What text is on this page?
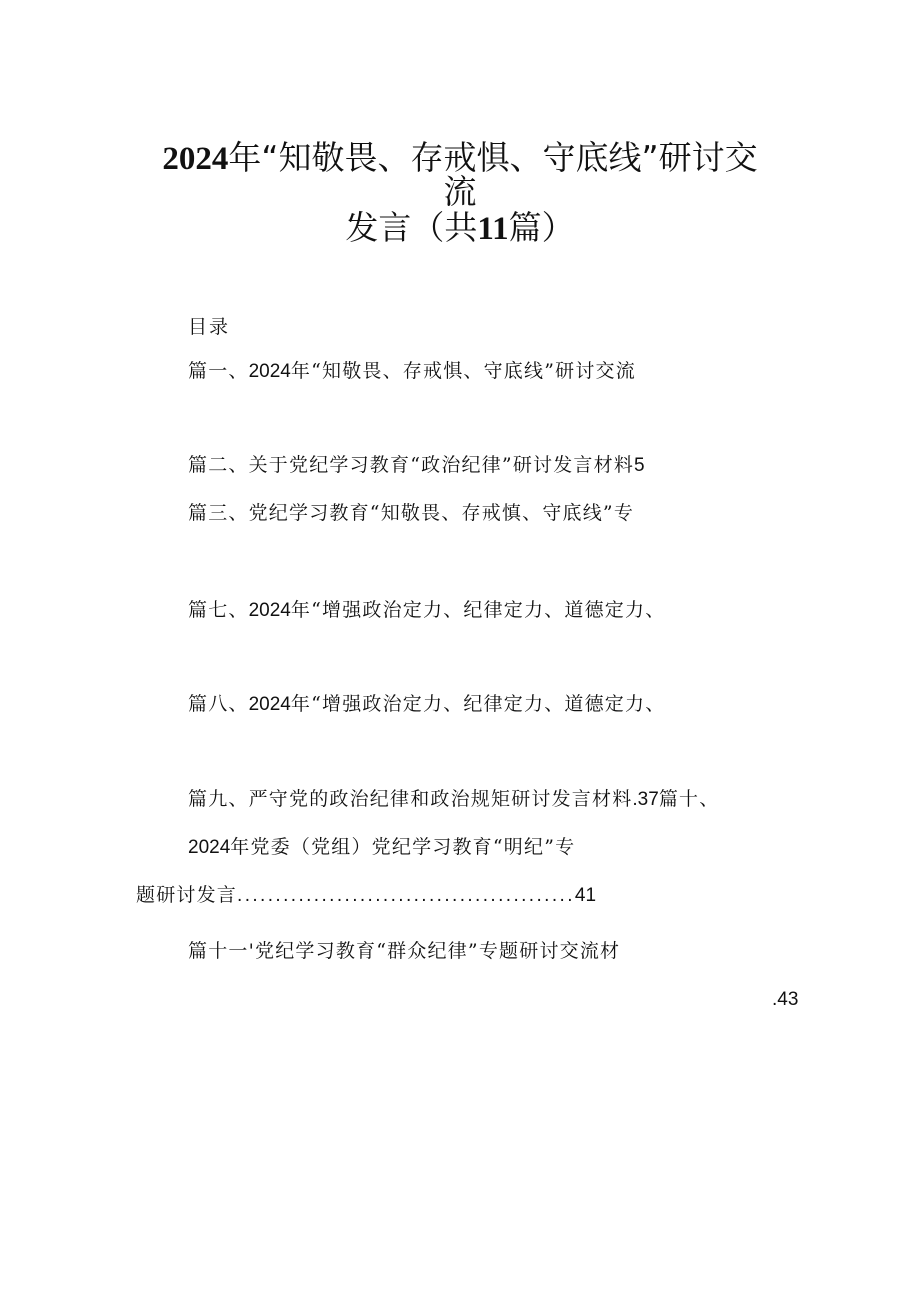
2024年“知敬畏、存戒惧、守底线”研讨交
流
发言（共11篇）
目录
篇一、2024年“知敬畏、存戒惧、守底线”研讨交流
篇二、关于党纪学习教育“政治纪律”研讨发言材料5
篇三、党纪学习教育“知敬畏、存戒慎、守底线”专
篇七、2024年“增强政治定力、纪律定力、道德定力、
篇八、2024年“增强政治定力、纪律定力、道德定力、
篇九、严守党的政治纪律和政治规矩研讨发言材料.37篇十、
2024年党委（党组）党纪学习教育“明纪”专
题研讨发言............................................41
篇十一'党纪学习教育“群众纪律”专题研讨交流材
.43
